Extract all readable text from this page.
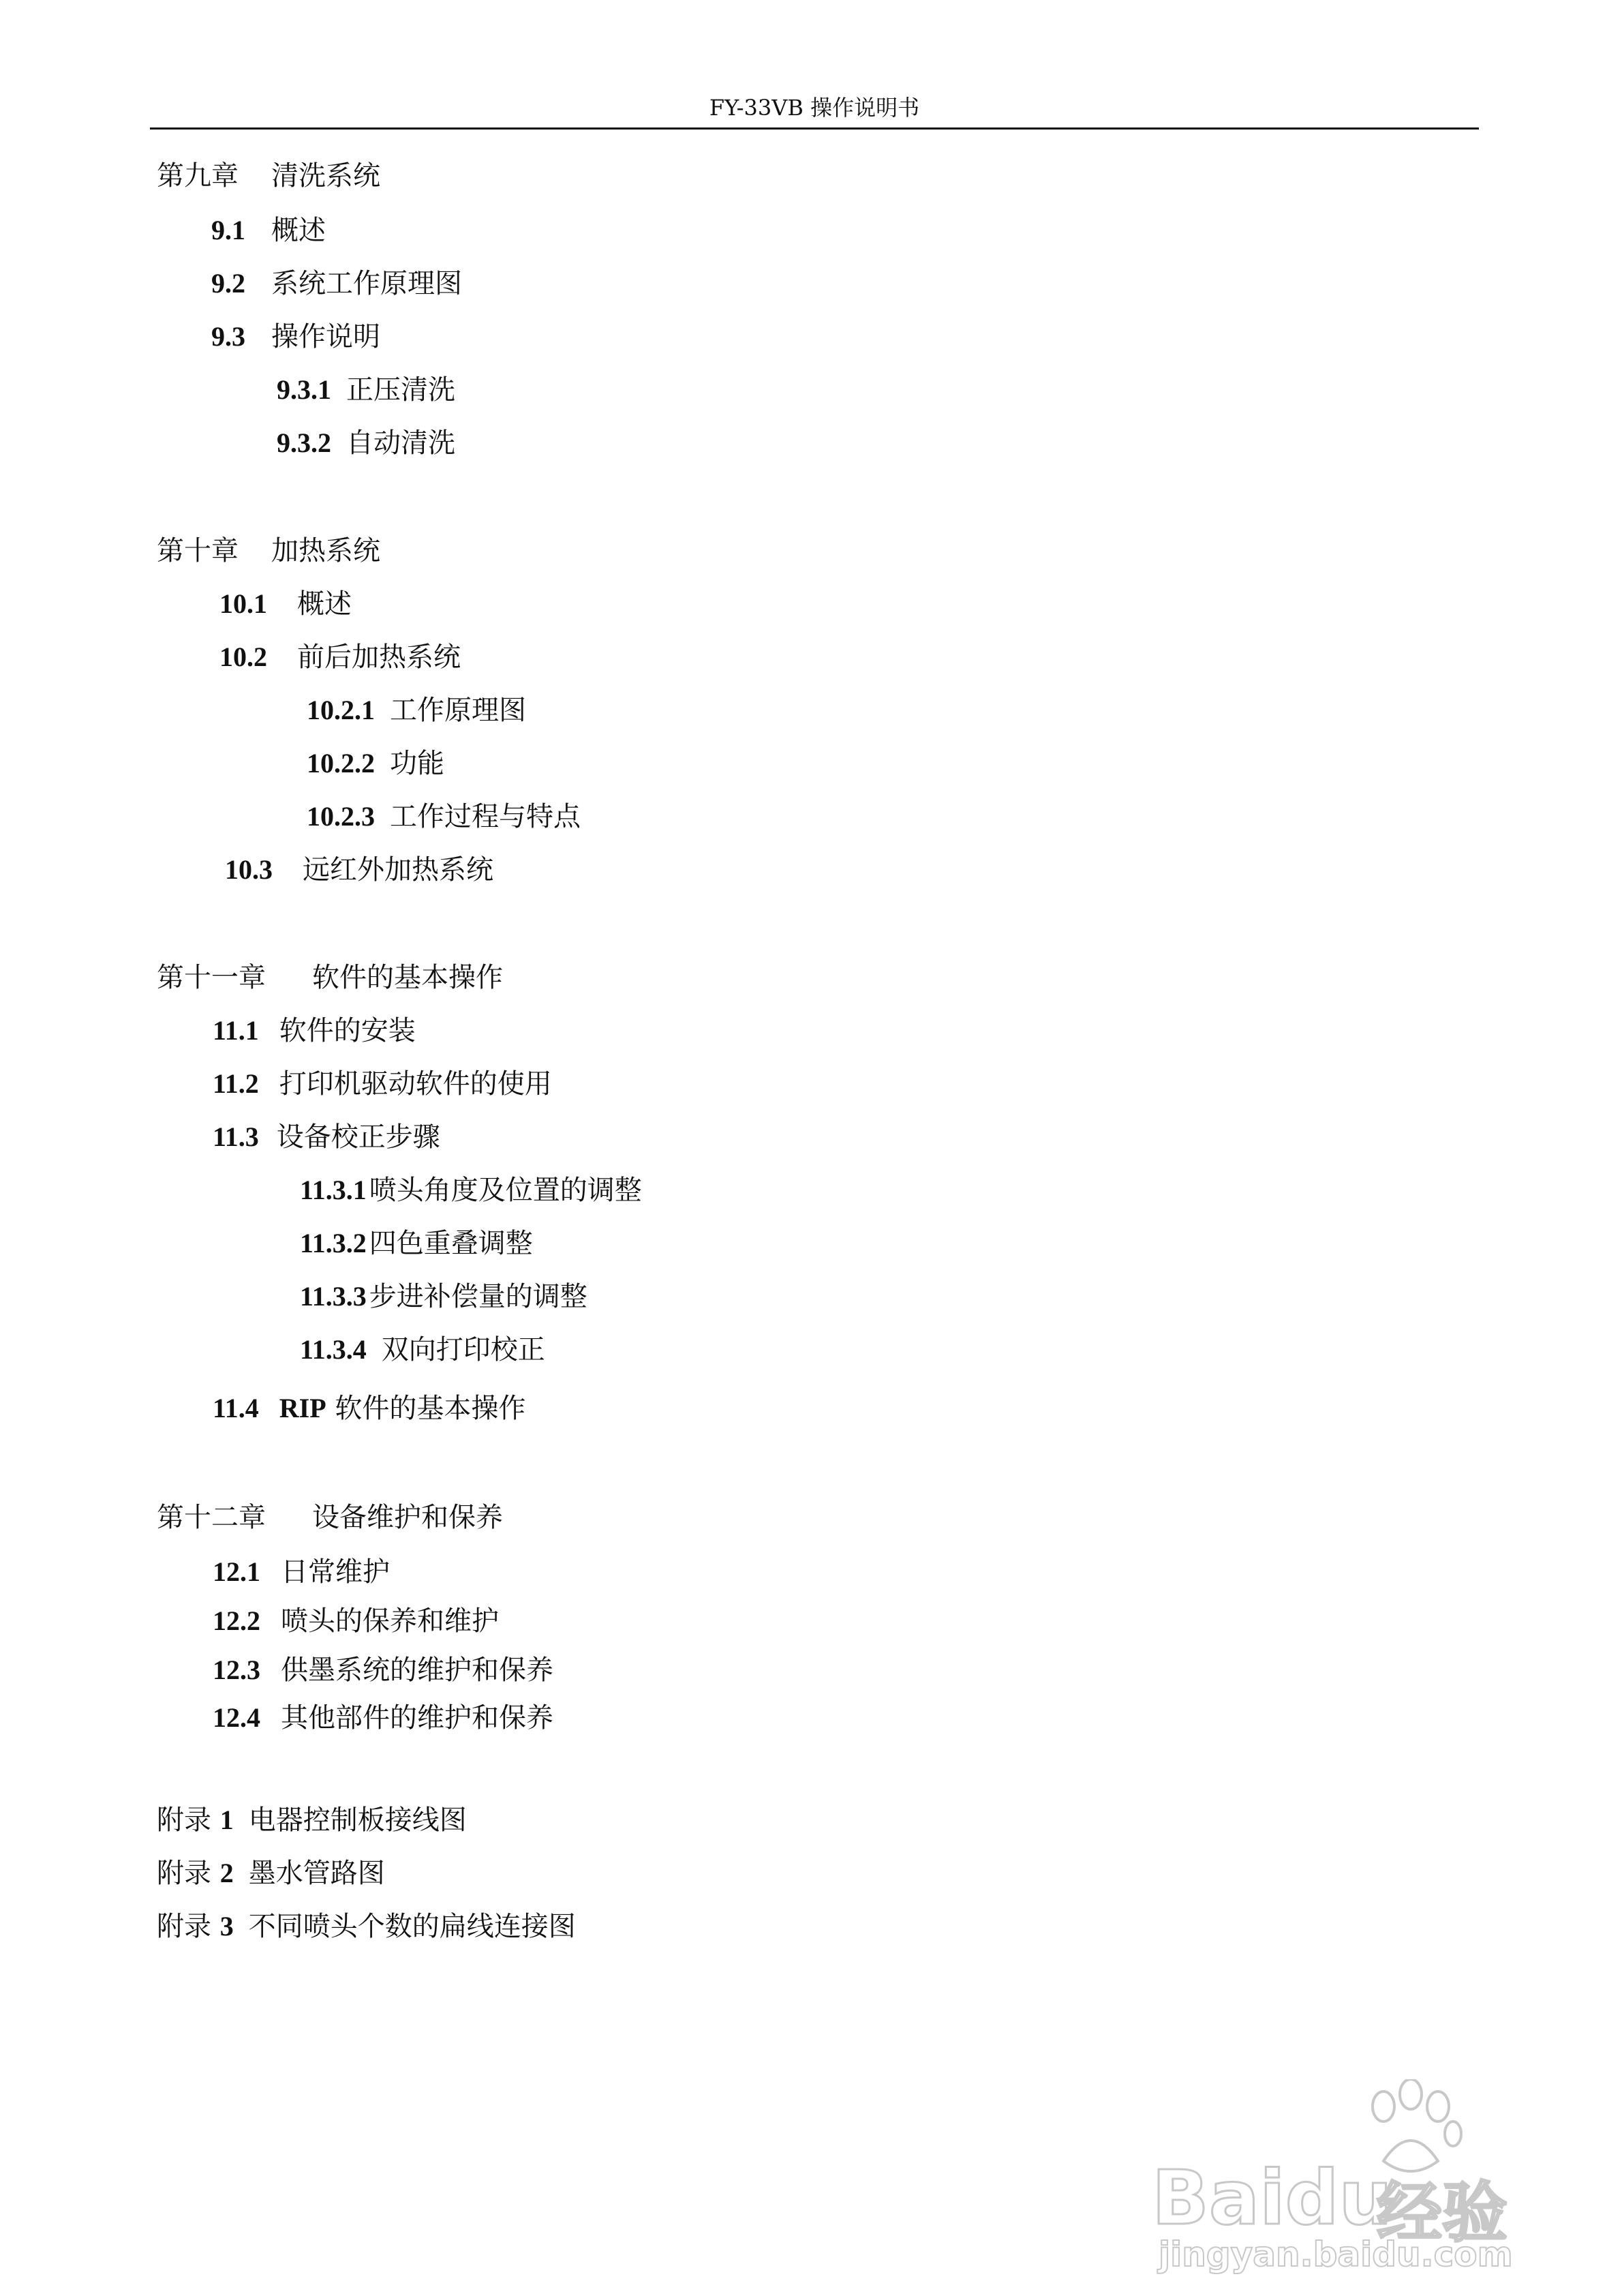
FY-33VB 操作说明书
第九章 清洗系统
9.1 概述
9.2 系统工作原理图
9.3 操作说明
9.3.1 正压清洗
9.3.2 自动清洗
第十章 加热系统
10.1 概述
10.2 前后加热系统
10.2.1 工作原理图
10.2.2 功能
10.2.3 工作过程与特点
10.3 远红外加热系统
第十一章 软件的基本操作
11.1 软件的安装
11.2 打印机驱动软件的使用
11.3 设备校正步骤
11.3.1 喷头角度及位置的调整
11.3.2 四色重叠调整
11.3.3 步进补偿量的调整
11.3.4 双向打印校正
11.4 RIP 软件的基本操作
第十二章 设备维护和保养
12.1 日常维护
12.2 喷头的保养和维护
12.3 供墨系统的维护和保养
12.4 其他部件的维护和保养
附录 1 电器控制板接线图
附录 2 墨水管路图
附录 3 不同喷头个数的扁线连接图
Baidu
经验
jingyan.baidu.com
